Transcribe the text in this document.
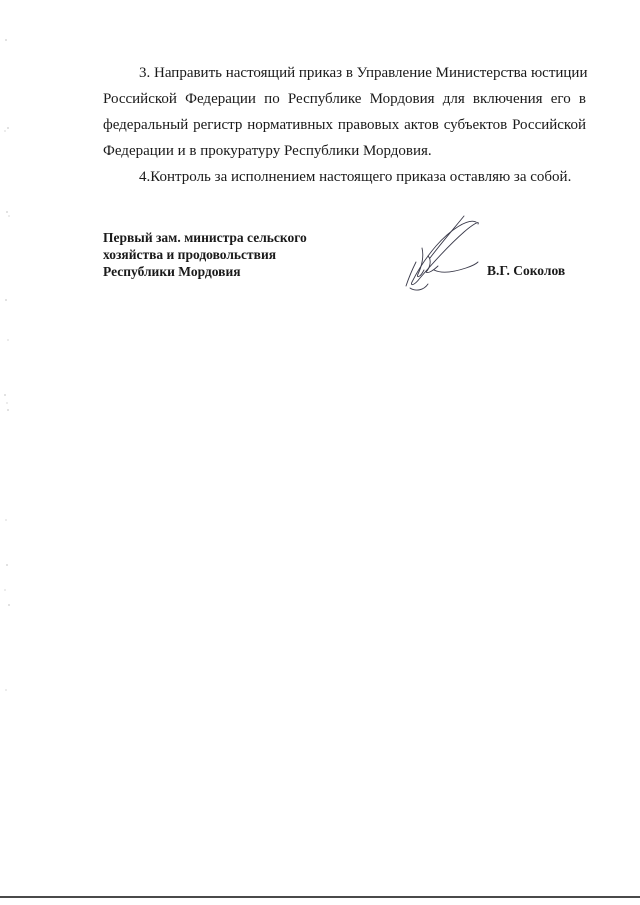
3. Направить настоящий приказ в Управление Министерства юстиции
Российской Федерации по Республике Мордовия для включения его в
федеральный регистр нормативных правовых актов субъектов Российской
Федерации и в прокуратуру Республики Мордовия.

4.Контроль за исполнением настоящего приказа оставляю за собой.

Первый зам. министра сельского
хозяйства и продовольствия
Республики Мордовия	В.Г. Соколов
